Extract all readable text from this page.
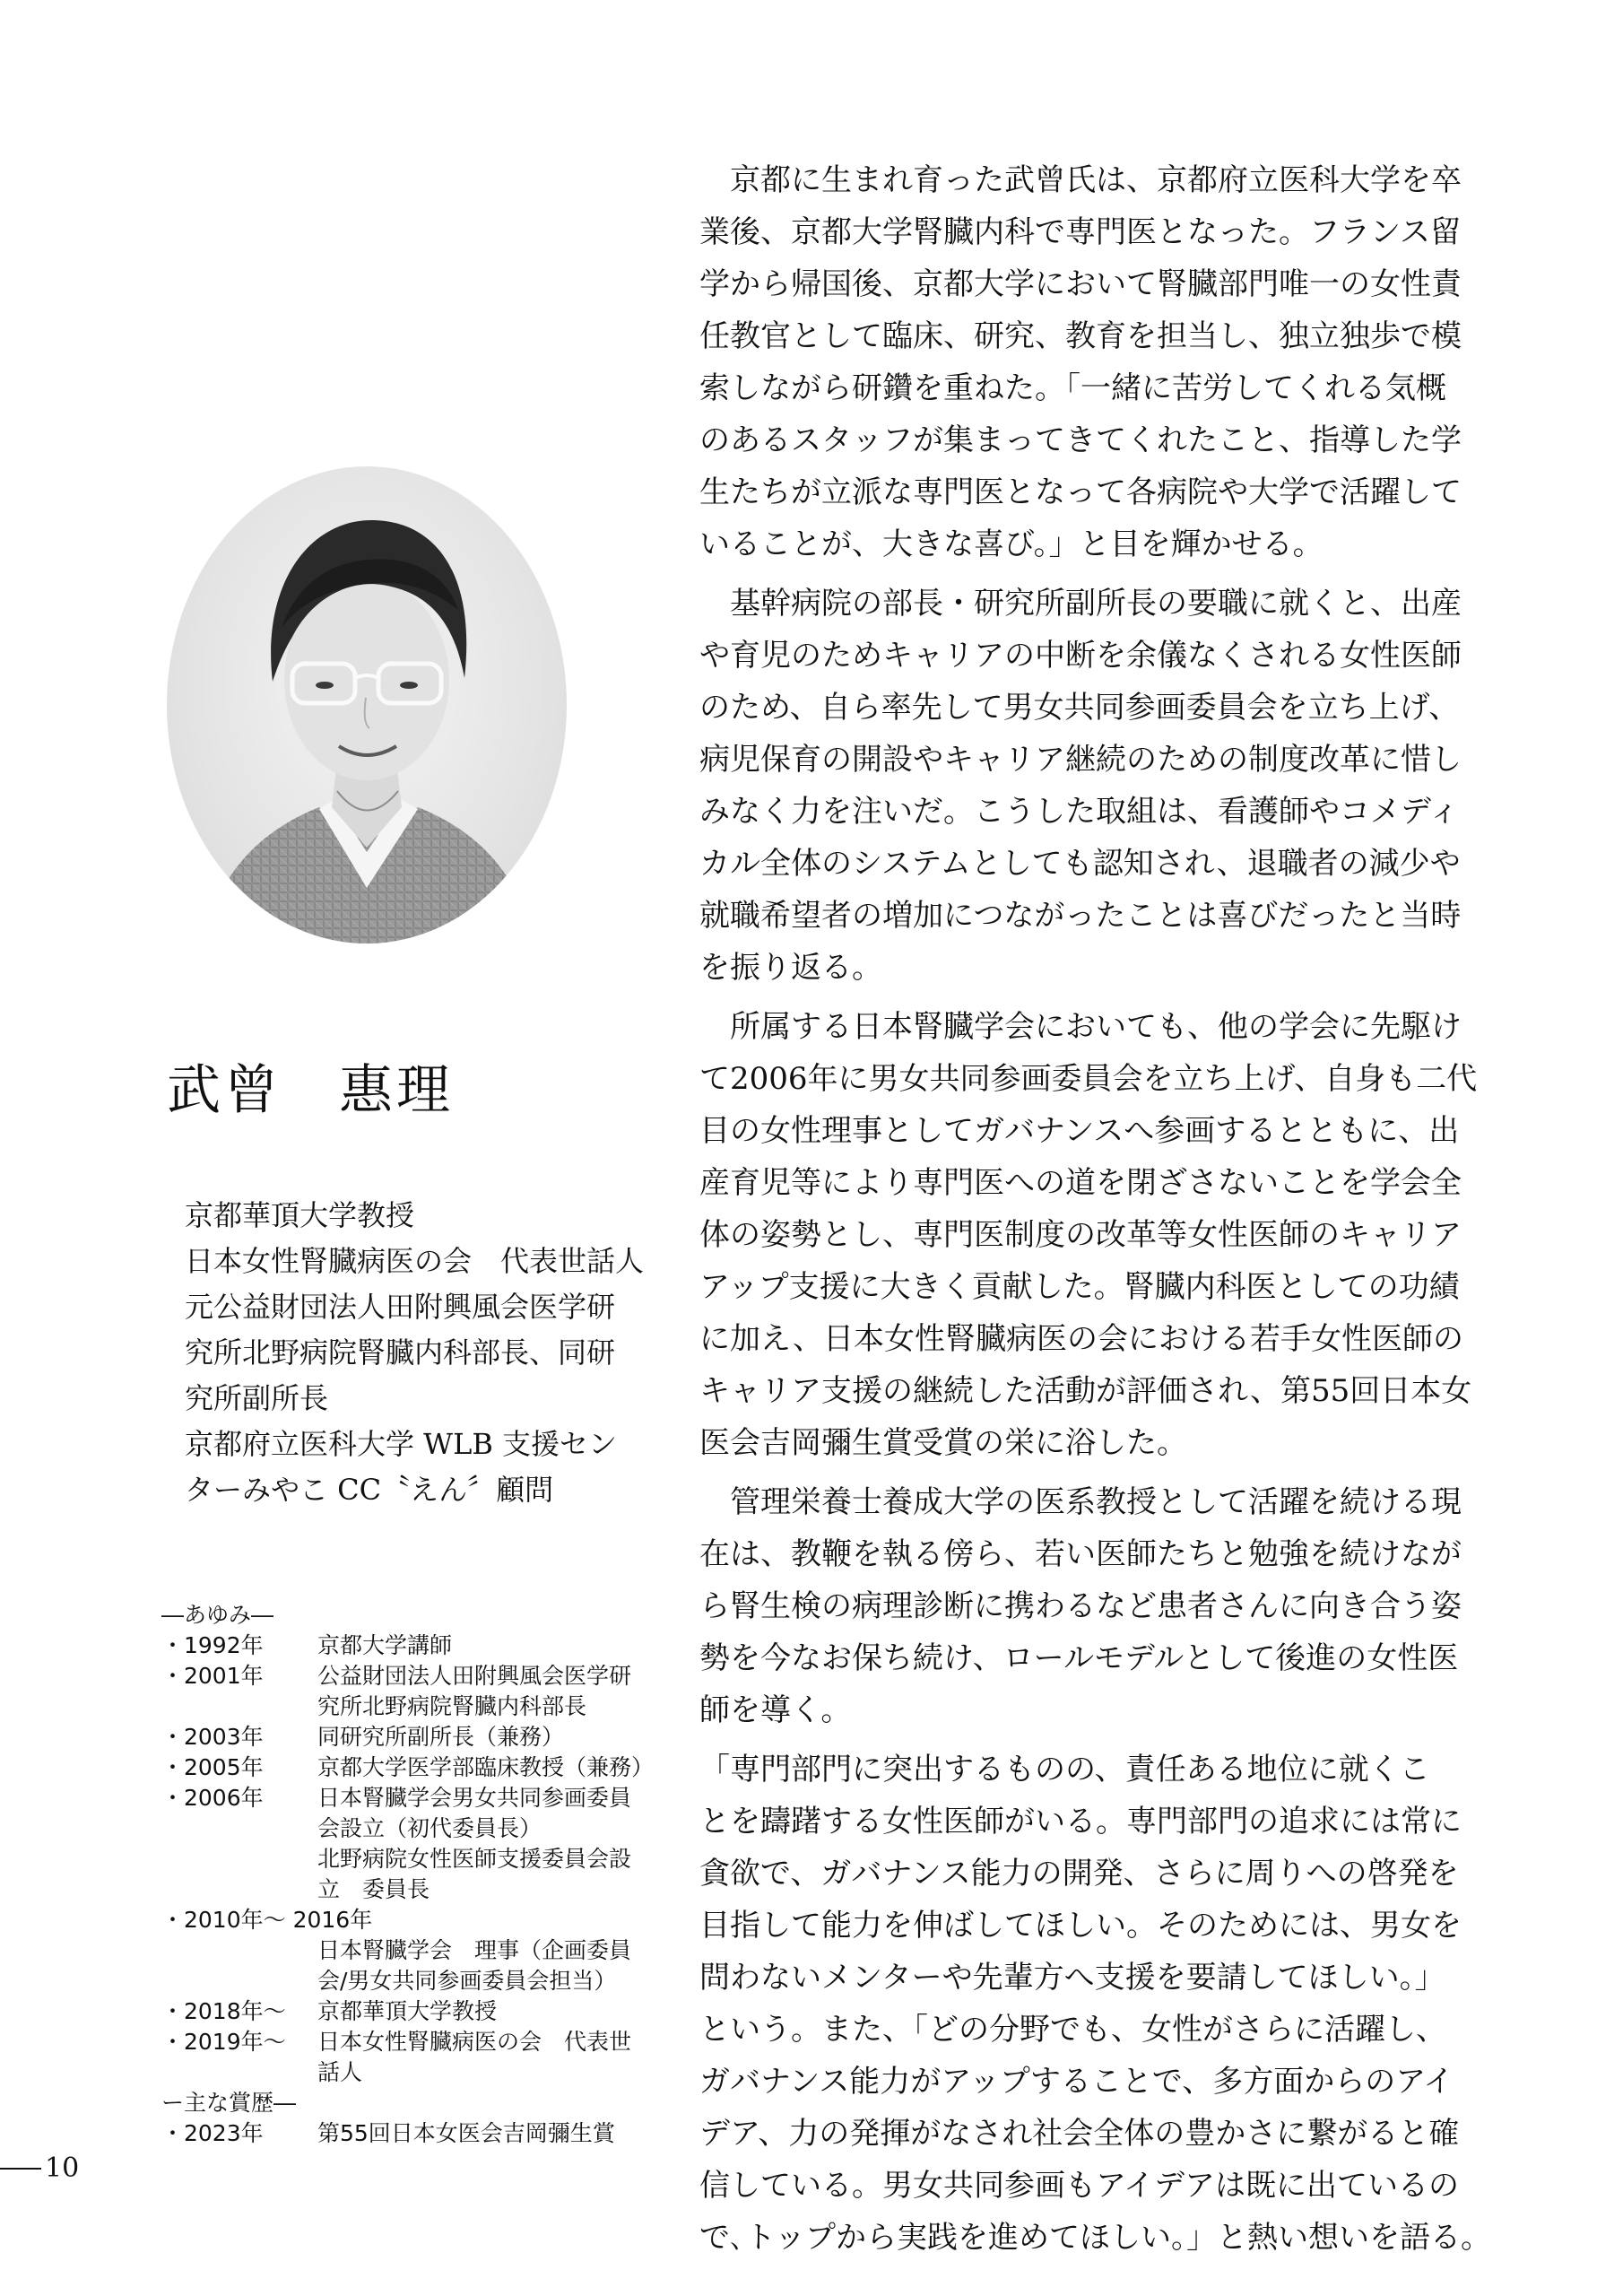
武曾　惠理
京都華頂大学教授
日本女性腎臓病医の会　代表世話人
元公益財団法人田附興風会医学研
究所北野病院腎臓内科部長、同研
究所副所長
京都府立医科大学 WLB 支援セン
ターみやこ CC〝えん〞顧問
―あゆみ―
・1992年	京都大学講師
・2001年	公益財団法人田附興風会医学研
究所北野病院腎臓内科部長
・2003年	同研究所副所長（兼務）
・2005年	京都大学医学部臨床教授（兼務）
・2006年	日本腎臓学会男女共同参画委員
会設立（初代委員長）
北野病院女性医師支援委員会設
立　委員長
・2010年～ 2016年
日本腎臓学会　理事（企画委員
会/男女共同参画委員会担当）
・2018年～	京都華頂大学教授
・2019年～	日本女性腎臓病医の会　代表世
話人
ー主な賞歴―
・2023年	第55回日本女医会吉岡彌生賞
　京都に生まれ育った武曾氏は、京都府立医科大学を卒
業後、京都大学腎臓内科で専門医となった。フランス留
学から帰国後、京都大学において腎臓部門唯一の女性責
任教官として臨床、研究、教育を担当し、独立独歩で模
索しながら研鑽を重ねた。「一緒に苦労してくれる気概
のあるスタッフが集まってきてくれたこと、指導した学
生たちが立派な専門医となって各病院や大学で活躍して
いることが、大きな喜び。」と目を輝かせる。
　基幹病院の部長・研究所副所長の要職に就くと、出産
や育児のためキャリアの中断を余儀なくされる女性医師
のため、自ら率先して男女共同参画委員会を立ち上げ、
病児保育の開設やキャリア継続のための制度改革に惜し
みなく力を注いだ。こうした取組は、看護師やコメディ
カル全体のシステムとしても認知され、退職者の減少や
就職希望者の増加につながったことは喜びだったと当時
を振り返る。
　所属する日本腎臓学会においても、他の学会に先駆け
て2006年に男女共同参画委員会を立ち上げ、自身も二代
目の女性理事としてガバナンスへ参画するとともに、出
産育児等により専門医への道を閉ざさないことを学会全
体の姿勢とし、専門医制度の改革等女性医師のキャリア
アップ支援に大きく貢献した。腎臓内科医としての功績
に加え、日本女性腎臓病医の会における若手女性医師の
キャリア支援の継続した活動が評価され、第55回日本女
医会吉岡彌生賞受賞の栄に浴した。
　管理栄養士養成大学の医系教授として活躍を続ける現
在は、教鞭を執る傍ら、若い医師たちと勉強を続けなが
ら腎生検の病理診断に携わるなど患者さんに向き合う姿
勢を今なお保ち続け、ロールモデルとして後進の女性医
師を導く。
「専門部門に突出するものの、責任ある地位に就くこ
とを躊躇する女性医師がいる。専門部門の追求には常に
貪欲で、ガバナンス能力の開発、さらに周りへの啓発を
目指して能力を伸ばしてほしい。そのためには、男女を
問わないメンターや先輩方へ支援を要請してほしい。」
という。また、「どの分野でも、女性がさらに活躍し、
ガバナンス能力がアップすることで、多方面からのアイ
デア、力の発揮がなされ社会全体の豊かさに繋がると確
信している。男女共同参画もアイデアは既に出ているの
で､トップから実践を進めてほしい｡」と熱い想いを語る。
10
